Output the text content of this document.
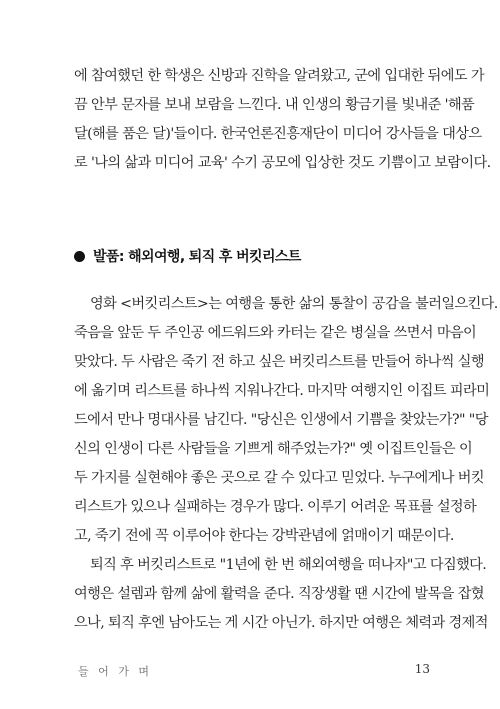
에 참여했던 한 학생은 신방과 진학을 알려왔고, 군에 입대한 뒤에도 가
끔 안부 문자를 보내 보람을 느낀다. 내 인생의 황금기를 빛내준 '해품
달(해를 품은 달)'들이다. 한국언론진흥재단이 미디어 강사들을 대상으
로 '나의 삶과 미디어 교육' 수기 공모에 입상한 것도 기쁨이고 보람이다.
발품: 해외여행, 퇴직 후 버킷리스트
영화 <버킷리스트>는 여행을 통한 삶의 통찰이 공감을 불러일으킨다.
죽음을 앞둔 두 주인공 에드워드와 카터는 같은 병실을 쓰면서 마음이
맞았다. 두 사람은 죽기 전 하고 싶은 버킷리스트를 만들어 하나씩 실행
에 옮기며 리스트를 하나씩 지워나간다. 마지막 여행지인 이집트 피라미
드에서 만나 명대사를 남긴다. "당신은 인생에서 기쁨을 찾았는가?" "당
신의 인생이 다른 사람들을 기쁘게 해주었는가?" 옛 이집트인들은 이
두 가지를 실현해야 좋은 곳으로 갈 수 있다고 믿었다. 누구에게나 버킷
리스트가 있으나 실패하는 경우가 많다. 이루기 어려운 목표를 설정하
고, 죽기 전에 꼭 이루어야 한다는 강박관념에 얽매이기 때문이다.
퇴직 후 버킷리스트로 "1년에 한 번 해외여행을 떠나자"고 다짐했다.
여행은 설렘과 함께 삶에 활력을 준다. 직장생활 땐 시간에 발목을 잡혔
으나, 퇴직 후엔 남아도는 게 시간 아닌가. 하지만 여행은 체력과 경제적
들 어 가 며	13
